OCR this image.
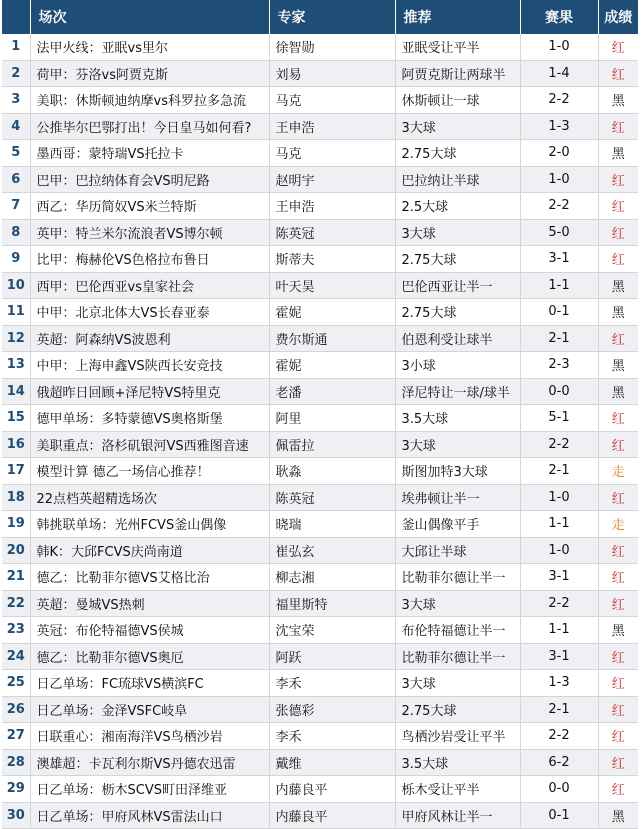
	场次	专家	推荐	赛果	成绩
1	法甲火线：亚眠vs里尔	徐智勋	亚眠受让平半	1-0	红
2	荷甲：芬洛vs阿贾克斯	刘易	阿贾克斯让两球半	1-4	红
3	美职：休斯顿迪纳摩vs科罗拉多急流	马克	休斯顿让一球	2-2	黑
4	公推毕尔巴鄂打出！今日皇马如何看?	王申浩	3大球	1-3	红
5	墨西哥：蒙特瑞VS托拉卡	马克	2.75大球	2-0	黑
6	巴甲：巴拉纳体育会VS明尼路	赵明宇	巴拉纳让半球	1-0	红
7	西乙：华历简奴VS米兰特斯	王申浩	2.5大球	2-2	红
8	英甲：特兰米尔流浪者VS博尔顿	陈英冠	3大球	5-0	红
9	比甲：梅赫伦VS色格拉布鲁日	斯蒂夫	2.75大球	3-1	红
10	西甲：巴伦西亚vs皇家社会	叶天昊	巴伦西亚让半一	1-1	黑
11	中甲：北京北体大VS长春亚泰	霍妮	2.75大球	0-1	黑
12	英超：阿森纳VS波恩利	费尔斯通	伯恩利受让球半	2-1	红
13	中甲：上海申鑫VS陕西长安竞技	霍妮	3小球	2-3	黑
14	俄超昨日回顾+泽尼特VS特里克	老潘	泽尼特让一球/球半	0-0	黑
15	德甲单场：多特蒙德VS奥格斯堡	阿里	3.5大球	5-1	红
16	美职重点：洛杉矶银河VS西雅图音速	佩雷拉	3大球	2-2	红
17	模型计算 德乙一场信心推荐！	耿淼	斯图加特3大球	2-1	走
18	22点档英超精选场次	陈英冠	埃弗顿让半一	1-0	红
19	韩挑联单场：光州FCVS釜山偶像	晓瑞	釜山偶像平手	1-1	走
20	韩K：大邱FCVS庆尚南道	崔弘玄	大邱让半球	1-0	红
21	德乙：比勒菲尔德VS艾格比治	柳志湘	比勒菲尔德让半一	3-1	红
22	英超：曼城VS热刺	福里斯特	3大球	2-2	红
23	英冠：布伦特福德VS侯城	沈宝荣	布伦特福德让半一	1-1	黑
24	德乙：比勒菲尔德VS奥厄	阿跃	比勒菲尔德让半一	3-1	红
25	日乙单场：FC琉球VS横滨FC	李禾	3大球	1-3	红
26	日乙单场：金泽VSFC岐阜	张德彩	2.75大球	2-1	红
27	日联重心：湘南海洋VS鸟栖沙岩	李禾	鸟栖沙岩受让平半	2-2	红
28	澳雄超：卡瓦利尔斯VS丹德农迅雷	戴维	3.5大球	6-2	红
29	日乙单场：枥木SCVS町田泽维亚	内藤良平	栎木受让平半	0-0	红
30	日乙单场：甲府风林VS雷法山口	内藤良平	甲府风林让半一	0-1	黑
